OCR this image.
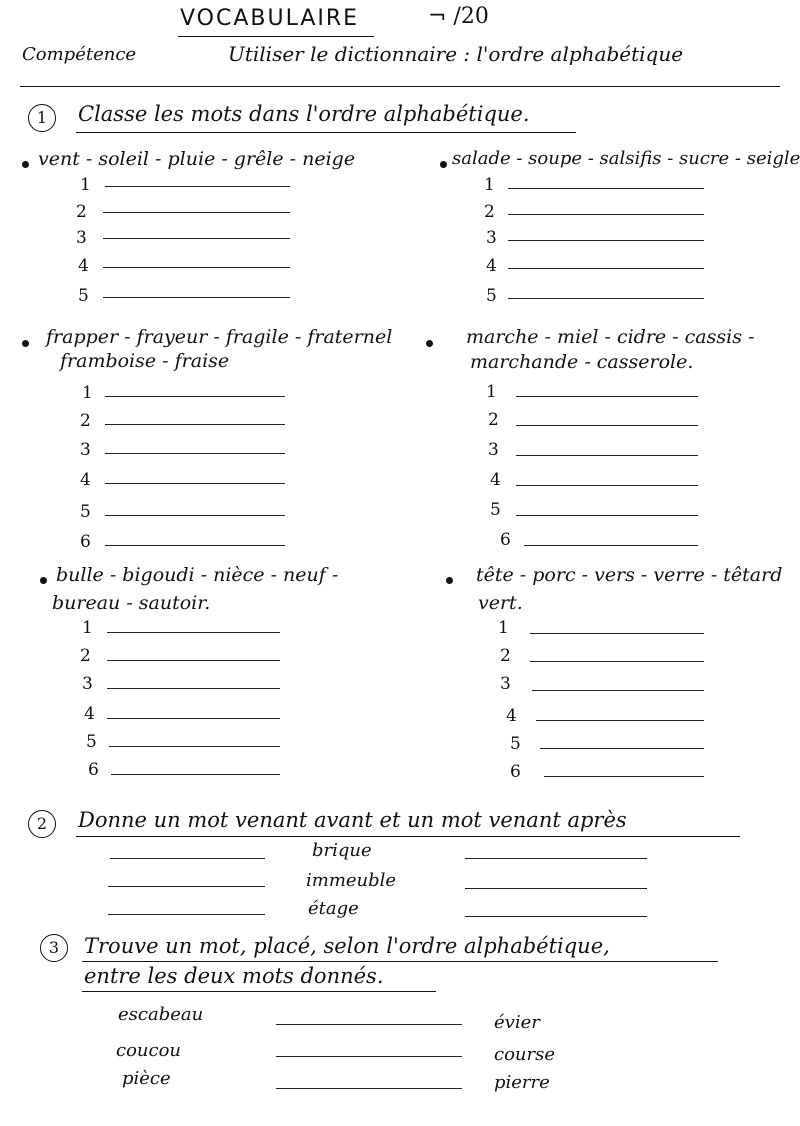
VOCABULAIRE	¬ /20
Compétence	Utiliser le dictionnaire : l'ordre alphabétique
1	Classe les mots dans l'ordre alphabétique.
vent - soleil - pluie - grêle - neige
1
2
3
4
5
salade - soupe - salsifis - sucre - seigle
1
2
3
4
5
frapper - frayeur - fragile - fraternel
framboise - fraise
1
2
3
4
5
6
marche - miel - cidre - cassis -
marchande - casserole.
1
2
3
4
5
6
bulle - bigoudi - nièce - neuf -
bureau - sautoir.
1
2
3
4
5
6
tête - porc - vers - verre - têtard
vert.
1
2
3
4
5
6
2	Donne un mot venant avant et un mot venant après
brique
immeuble
étage
3	Trouve un mot, placé, selon l'ordre alphabétique,
entre les deux mots donnés.
escabeau	évier
coucou	course
pièce	pierre
